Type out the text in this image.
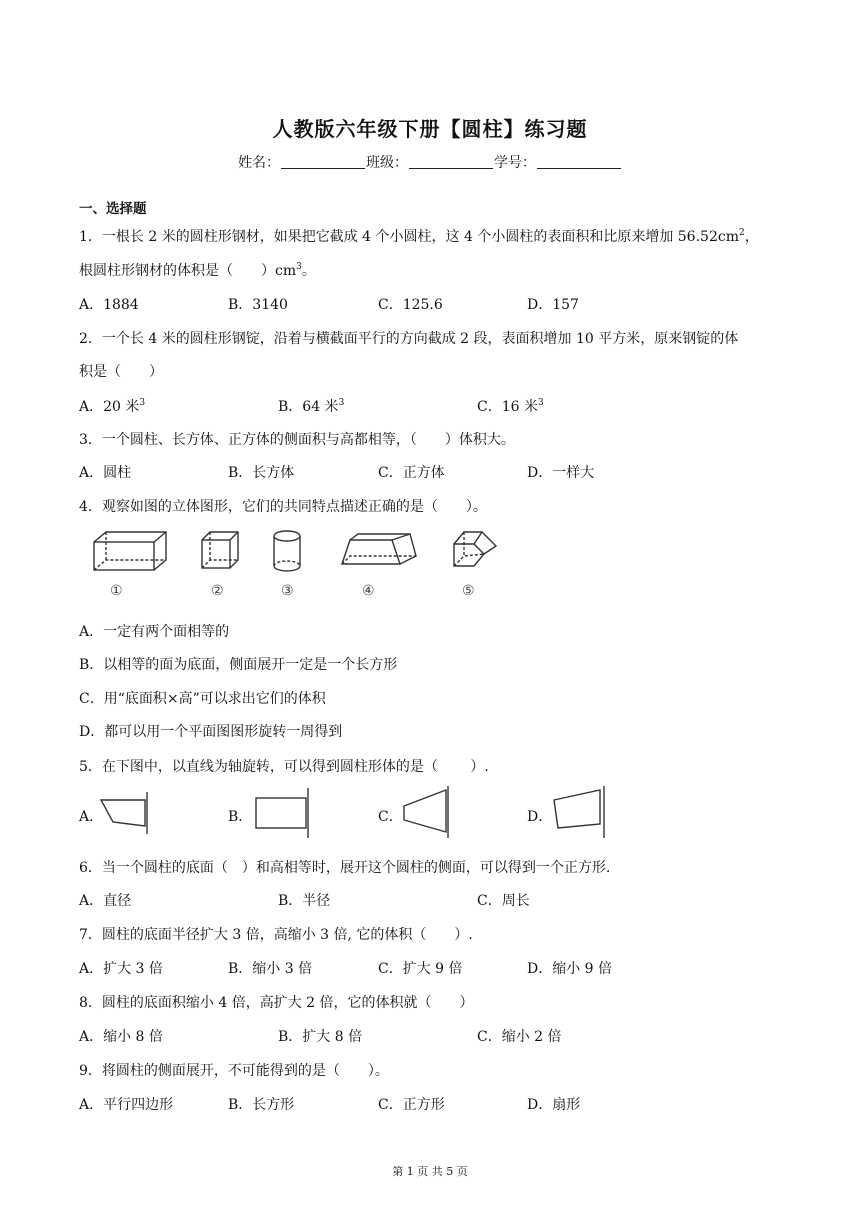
人教版六年级下册【圆柱】练习题
姓名：	班级：	学号：
一、选择题
1．一根长 2 米的圆柱形钢材，如果把它截成 4 个小圆柱，这 4 个小圆柱的表面积和比原来增加 $56.52cm^2$，
根圆柱形钢材的体积是（　　）$cm^3$。
A．1884	B．3140	C．125.6	D．157
2．一个长 4 米的圆柱形钢锭，沿着与横截面平行的方向截成 2 段，表面积增加 10 平方米，原来钢锭的体
积是（　　）
A．20 米$^3$	B．64 米$^3$	C．16 米$^3$
3．一个圆柱、长方体、正方体的侧面积与高都相等，（　　）体积大。
A．圆柱	B．长方体	C．正方体	D．一样大
4．观察如图的立体图形，它们的共同特点描述正确的是（　　）。
①	②	③	④	⑤
A．一定有两个面相等的
B．以相等的面为底面，侧面展开一定是一个长方形
C．用“底面积×高”可以求出它们的体积
D．都可以用一个平面图图形旋转一周得到
5．在下图中，以直线为轴旋转，可以得到圆柱形体的是（　　 ）.
A．	B．	C．	D．
6．当一个圆柱的底面（　）和高相等时，展开这个圆柱的侧面，可以得到一个正方形.
A．直径	B．半径	C．周长
7．圆柱的底面半径扩大 3 倍，高缩小 3 倍, 它的体积（　　）.
A．扩大 3 倍	B．缩小 3 倍	C．扩大 9 倍	D．缩小 9 倍
8．圆柱的底面积缩小 4 倍，高扩大 2 倍，它的体积就（　　）
A．缩小 8 倍	B．扩大 8 倍	C．缩小 2 倍
9．将圆柱的侧面展开，不可能得到的是（　　）。
A．平行四边形	B．长方形	C．正方形	D．扇形
第 1 页 共 5 页
